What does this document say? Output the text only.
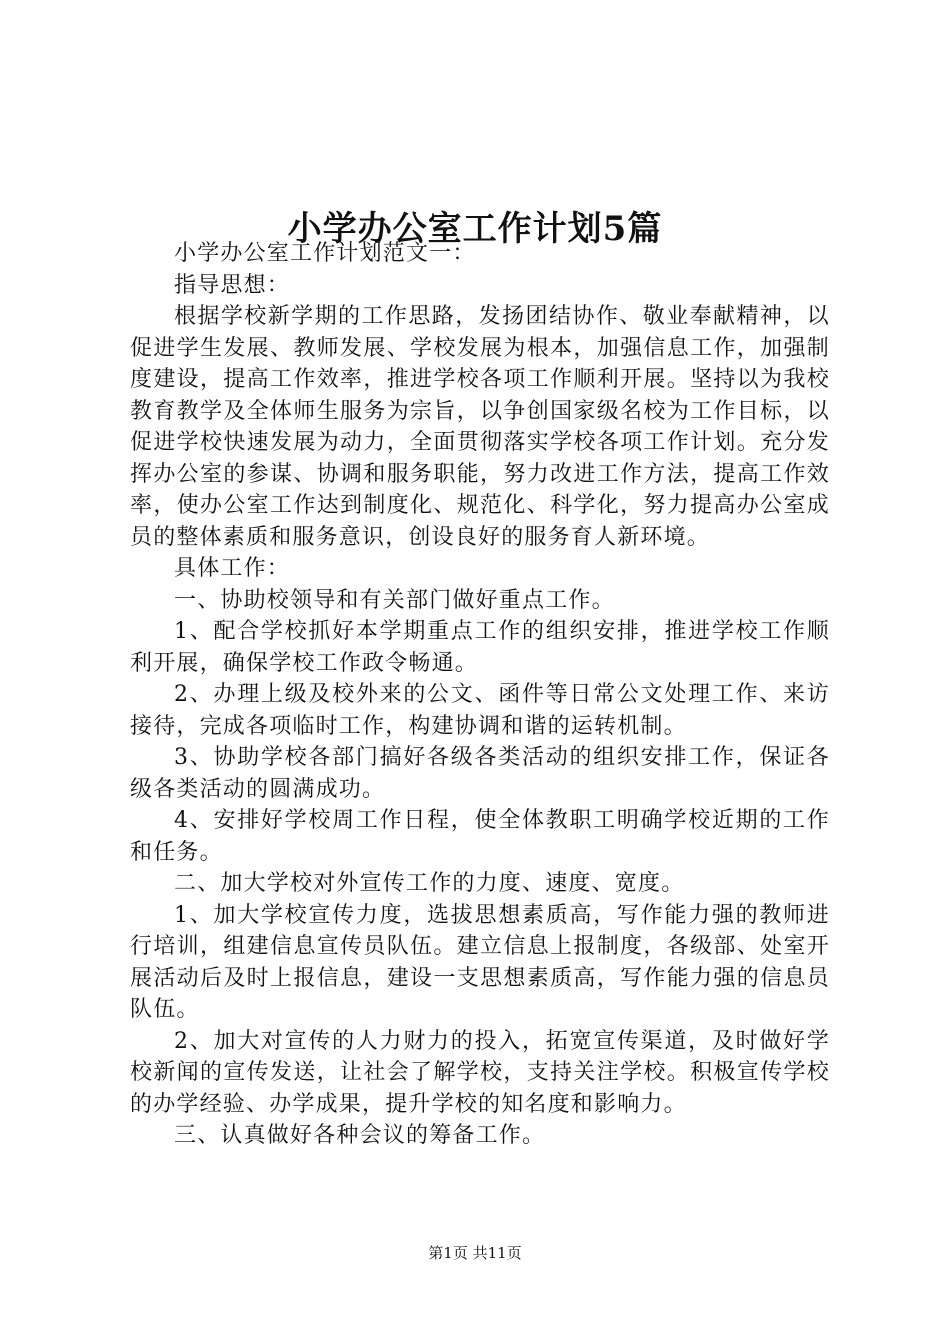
小学办公室工作计划5篇

小学办公室工作计划范文一：

指导思想：

根据学校新学期的工作思路，发扬团结协作、敬业奉献精神，以促进学生发展、教师发展、学校发展为根本，加强信息工作，加强制度建设，提高工作效率，推进学校各项工作顺利开展。坚持以为我校教育教学及全体师生服务为宗旨，以争创国家级名校为工作目标，以促进学校快速发展为动力，全面贯彻落实学校各项工作计划。充分发挥办公室的参谋、协调和服务职能，努力改进工作方法，提高工作效率，使办公室工作达到制度化、规范化、科学化，努力提高办公室成员的整体素质和服务意识，创设良好的服务育人新环境。

具体工作：

一、协助校领导和有关部门做好重点工作。

1、配合学校抓好本学期重点工作的组织安排，推进学校工作顺利开展，确保学校工作政令畅通。

2、办理上级及校外来的公文、函件等日常公文处理工作、来访接待，完成各项临时工作，构建协调和谐的运转机制。

3、协助学校各部门搞好各级各类活动的组织安排工作，保证各级各类活动的圆满成功。

4、安排好学校周工作日程，使全体教职工明确学校近期的工作和任务。

二、加大学校对外宣传工作的力度、速度、宽度。

1、加大学校宣传力度，选拔思想素质高，写作能力强的教师进行培训，组建信息宣传员队伍。建立信息上报制度，各级部、处室开展活动后及时上报信息，建设一支思想素质高，写作能力强的信息员队伍。

2、加大对宣传的人力财力的投入，拓宽宣传渠道，及时做好学校新闻的宣传发送，让社会了解学校，支持关注学校。积极宣传学校的办学经验、办学成果，提升学校的知名度和影响力。

三、认真做好各种会议的筹备工作。

第1页 共11页
